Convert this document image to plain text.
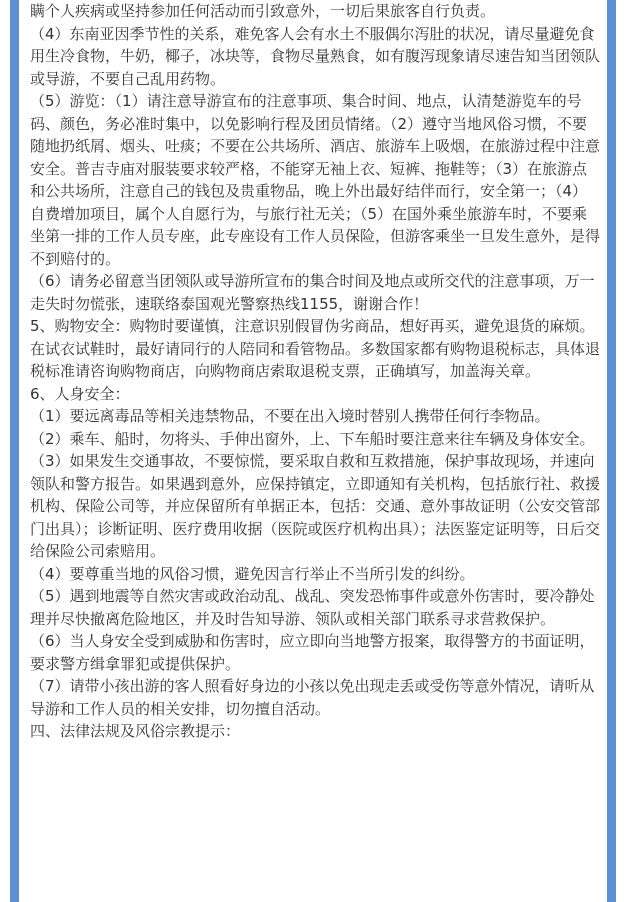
瞒个人疾病或坚持参加任何活动而引致意外，一切后果旅客自行负责。

（4）东南亚因季节性的关系，难免客人会有水土不服偶尔泻肚的状况，请尽量避免食用生冷食物，牛奶，椰子，冰块等，食物尽量熟食，如有腹泻现象请尽速告知当团领队或导游，不要自己乱用药物。

（5）游览：（1）请注意导游宣布的注意事项、集合时间、地点，认清楚游览车的号码、颜色，务必准时集中，以免影响行程及团员情绪。（2）遵守当地风俗习惯，不要随地扔纸屑、烟头、吐痰；不要在公共场所、酒店、旅游车上吸烟，在旅游过程中注意安全。普吉寺庙对服装要求较严格，不能穿无袖上衣、短裤、拖鞋等；（3）在旅游点和公共场所，注意自己的钱包及贵重物品，晚上外出最好结伴而行，安全第一；（4）自费增加项目，属个人自愿行为，与旅行社无关；（5）在国外乘坐旅游车时，不要乘坐第一排的工作人员专座，此专座设有工作人员保险，但游客乘坐一旦发生意外，是得不到赔付的。

（6）请务必留意当团领队或导游所宣布的集合时间及地点或所交代的注意事项，万一走失时勿慌张，速联络泰国观光警察热线1155，谢谢合作！

5、购物安全：购物时要谨慎，注意识别假冒伪劣商品，想好再买，避免退货的麻烦。在试衣试鞋时，最好请同行的人陪同和看管物品。多数国家都有购物退税标志，具体退税标准请咨询购物商店，向购物商店索取退税支票，正确填写，加盖海关章。

6、人身安全：

（1）要远离毒品等相关违禁物品，不要在出入境时替别人携带任何行李物品。

（2）乘车、船时，勿将头、手伸出窗外，上、下车船时要注意来往车辆及身体安全。

（3）如果发生交通事故，不要惊慌，要采取自救和互救措施，保护事故现场，并速向领队和警方报告。如果遇到意外，应保持镇定，立即通知有关机构，包括旅行社、救援机构、保险公司等，并应保留所有单据正本，包括：交通、意外事故证明（公安交管部门出具）；诊断证明、医疗费用收据（医院或医疗机构出具）；法医鉴定证明等，日后交给保险公司索赔用。

（4）要尊重当地的风俗习惯，避免因言行举止不当所引发的纠纷。

（5）遇到地震等自然灾害或政治动乱、战乱、突发恐怖事件或意外伤害时，要冷静处理并尽快撤离危险地区，并及时告知导游、领队或相关部门联系寻求营救保护。

（6）当人身安全受到威胁和伤害时，应立即向当地警方报案，取得警方的书面证明，要求警方缉拿罪犯或提供保护。

（7）请带小孩出游的客人照看好身边的小孩以免出现走丢或受伤等意外情况，请听从导游和工作人员的相关安排，切勿擅自活动。

四、法律法规及风俗宗教提示：
